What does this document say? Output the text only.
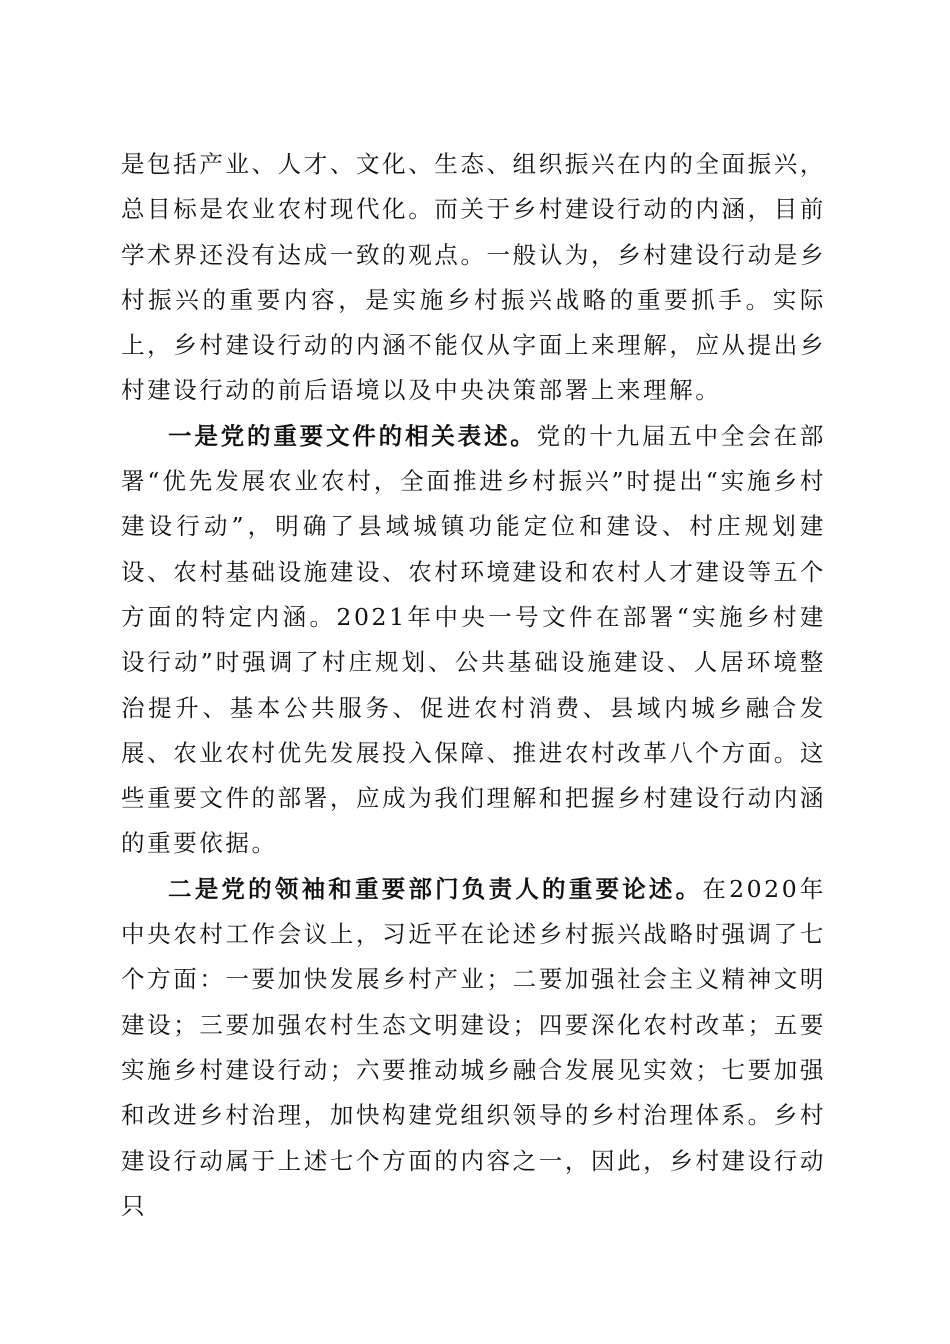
是包括产业、人才、文化、生态、组织振兴在内的全面振兴，总目标是农业农村现代化。而关于乡村建设行动的内涵，目前学术界还没有达成一致的观点。一般认为，乡村建设行动是乡村振兴的重要内容，是实施乡村振兴战略的重要抓手。实际上，乡村建设行动的内涵不能仅从字面上来理解，应从提出乡村建设行动的前后语境以及中央决策部署上来理解。

一是党的重要文件的相关表述。党的十九届五中全会在部署“优先发展农业农村，全面推进乡村振兴”时提出“实施乡村建设行动”，明确了县域城镇功能定位和建设、村庄规划建设、农村基础设施建设、农村环境建设和农村人才建设等五个方面的特定内涵。2021年中央一号文件在部署“实施乡村建设行动”时强调了村庄规划、公共基础设施建设、人居环境整治提升、基本公共服务、促进农村消费、县域内城乡融合发展、农业农村优先发展投入保障、推进农村改革八个方面。这些重要文件的部署，应成为我们理解和把握乡村建设行动内涵的重要依据。

二是党的领袖和重要部门负责人的重要论述。在2020年中央农村工作会议上，习近平在论述乡村振兴战略时强调了七个方面：一要加快发展乡村产业；二要加强社会主义精神文明建设；三要加强农村生态文明建设；四要深化农村改革；五要实施乡村建设行动；六要推动城乡融合发展见实效；七要加强和改进乡村治理，加快构建党组织领导的乡村治理体系。乡村建设行动属于上述七个方面的内容之一，因此，乡村建设行动只
